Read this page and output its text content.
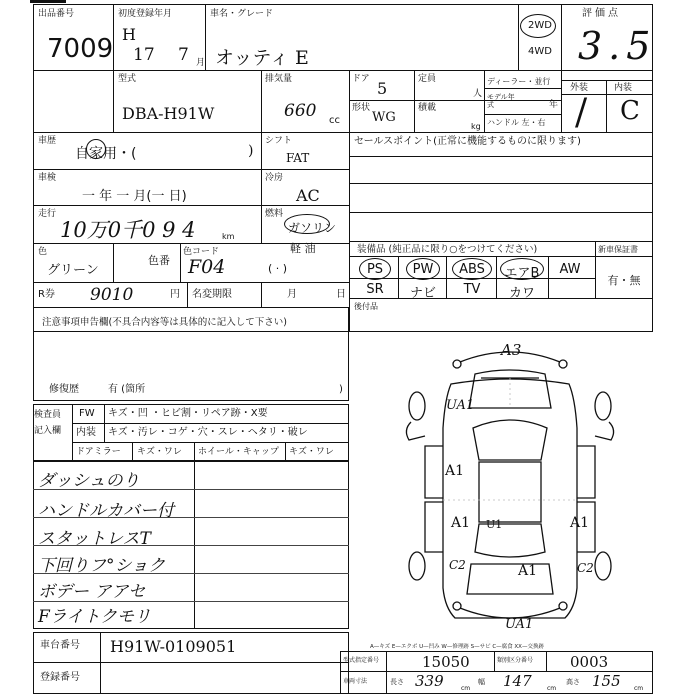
出品番号
7009
初度登録年月
H
17 7 月
車名・グレード
オッティ E
2WD
4WD
評価点
3.5
外装	内装
/ C
型式
DBA-H91W
排気量
660 cc
ドア 5
形状
WG
定員
人
積載
kg
ディーラー・並行
モデル年式	年
ハンドル 左・右
車歴
自家用・(	)
シフト
FAT
セールスポイント(正常に機能するものに限ります)
車検
一 年 一 月(一 日)
冷房
AC
走行
10万0千0 9 4	km
燃料
ガソリン
軽 油
( · )
色
グリーン
色番
色コード
F04
R券 9010	円 名変期限	月	日
注意事項申告欄(不具合内容等は具体的に記入して下さい)
修復歴	有 (箇所	)
装備品 (純正品に限り○をつけてください)	新車保証書
PS	PW	ABS	エアB	AW
SR	ナビ	TV	カワ
有・無
後付品
検査員
記入欄
FW キズ・凹 ・ヒビ割・リペア跡・X要
内装 キズ・汚レ・コゲ・穴・スレ・ヘタリ・破レ
ドアミラー キズ・ワレ ホイール・キャップ キズ・ワレ
ダッシュのり
ハンドルカバー付
スタットレスT
下回りフ°ショク
ボデー アアセ
Fライトクモリ
A3
UA1
A1
A1 U1	A1
C2	A1	C2
UA1
A—キズ E—エクボ U—凹み W—修理跡 S—サビ C—腐食 XX—交換跡
車台番号 H91W-0109051
登録番号
型式指定番号	15050	類別区分番号 0003
車両寸法	長さ 339	cm
幅 147	cm
高さ 155 cm
